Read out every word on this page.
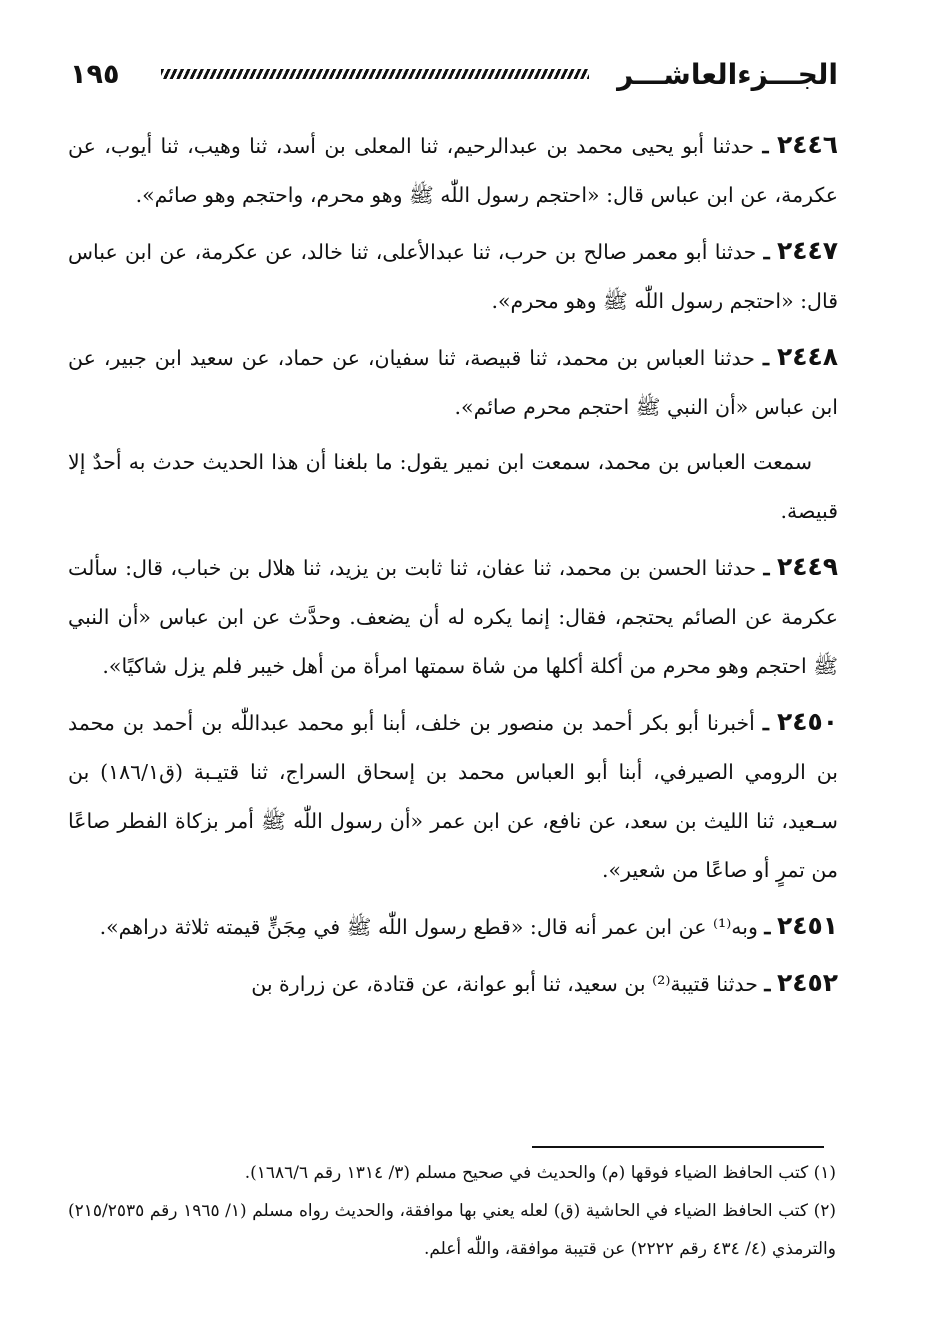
الجـــزءالعاشـــر
١٩٥

٢٤٤٦ ـ حدثنا أبو يحيى محمد بن عبدالرحيم، ثنا المعلى بن أسد، ثنا وهيب، ثنا أيوب، عن عكرمة، عن ابن عباس قال: «احتجم رسول اللّٰه ﷺ وهو محرم، واحتجم وهو صائم».

٢٤٤٧ ـ حدثنا أبو معمر صالح بن حرب، ثنا عبدالأعلى، ثنا خالد، عن عكرمة، عن ابن عباس قال: «احتجم رسول اللّٰه ﷺ وهو محرم».

٢٤٤٨ ـ حدثنا العباس بن محمد، ثنا قبيصة، ثنا سفيان، عن حماد، عن سعيد ابن جبير، عن ابن عباس «أن النبي ﷺ احتجم محرم صائم».

سمعت العباس بن محمد، سمعت ابن نمير يقول: ما بلغنا أن هذا الحديث حدث به أحدٌ إلا قبيصة.

٢٤٤٩ ـ حدثنا الحسن بن محمد، ثنا عفان، ثنا ثابت بن يزيد، ثنا هلال بن خباب، قال: سألت عكرمة عن الصائم يحتجم، فقال: إنما يكره له أن يضعف. وحدَّث عن ابن عباس «أن النبي ﷺ احتجم وهو محرم من أكلة أكلها من شاة سمتها امرأة من أهل خيبر فلم يزل شاكيًا».

٢٤٥٠ ـ أخبرنا أبو بكر أحمد بن منصور بن خلف، أبنا أبو محمد عبداللّٰه بن أحمد بن محمد بن الرومي الصيرفي، أبنا أبو العباس محمد بن إسحاق السراج، ثنا قتيـبة (ق١٨٦/١) بن سـعيد، ثنا الليث بن سعد، عن نافع، عن ابن عمر «أن رسول اللّٰه ﷺ أمر بزكاة الفطر صاعًا من تمرٍ أو صاعًا من شعير».

٢٤٥١ ـ وبه⁽¹⁾ عن ابن عمر أنه قال: «قطع رسول اللّٰه ﷺ في مِجَنٍّ قيمته ثلاثة دراهم».

٢٤٥٢ ـ حدثنا قتيبة⁽²⁾ بن سعيد، ثنا أبو عوانة، عن قتادة، عن زرارة بن

(١) كتب الحافظ الضياء فوقها (م) والحديث في صحيح مسلم (٣/ ١٣١٤ رقم ١٦٨٦/٦).

(٢) كتب الحافظ الضياء في الحاشية (ق) لعله يعني بها موافقة، والحديث رواه مسلم (١/ ١٩٦٥ رقم ٢١٥/٢٥٣٥) والترمذي (٤/ ٤٣٤ رقم ٢٢٢٢) عن قتيبة موافقة، واللّٰه أعلم.
